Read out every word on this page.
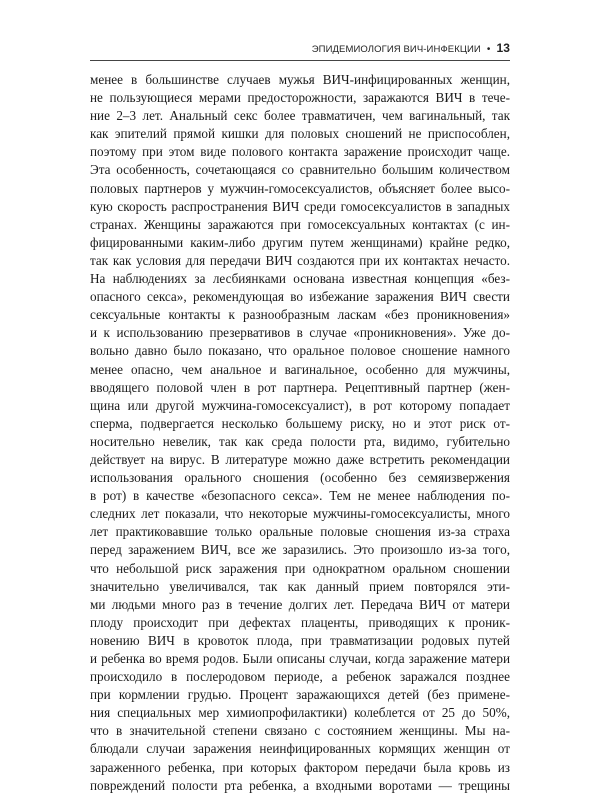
ЭПИДЕМИОЛОГИЯ ВИЧ-ИНФЕКЦИИ • 13
менее в большинстве случаев мужья ВИЧ-инфицированных женщин,
не пользующиеся мерами предосторожности, заражаются ВИЧ в тече-
ние 2–3 лет. Анальный секс более травматичен, чем вагинальный, так
как эпителий прямой кишки для половых сношений не приспособлен,
поэтому при этом виде полового контакта заражение происходит чаще.
Эта особенность, сочетающаяся со сравнительно большим количеством
половых партнеров у мужчин-гомосексуалистов, объясняет более высо-
кую скорость распространения ВИЧ среди гомосексуалистов в западных
странах. Женщины заражаются при гомосексуальных контактах (с ин-
фицированными каким-либо другим путем женщинами) крайне редко,
так как условия для передачи ВИЧ создаются при их контактах нечасто.
На наблюдениях за лесбиянками основана известная концепция «без-
опасного секса», рекомендующая во избежание заражения ВИЧ свести
сексуальные контакты к разнообразным ласкам «без проникновения»
и к использованию презервативов в случае «проникновения». Уже до-
вольно давно было показано, что оральное половое сношение намного
менее опасно, чем анальное и вагинальное, особенно для мужчины,
вводящего половой член в рот партнера. Рецептивный партнер (жен-
щина или другой мужчина-гомосексуалист), в рот которому попадает
сперма, подвергается несколько большему риску, но и этот риск от-
носительно невелик, так как среда полости рта, видимо, губительно
действует на вирус. В литературе можно даже встретить рекомендации
использования орального сношения (особенно без семяизвержения
в рот) в качестве «безопасного секса». Тем не менее наблюдения по-
следних лет показали, что некоторые мужчины-гомосексуалисты, много
лет практиковавшие только оральные половые сношения из-за страха
перед заражением ВИЧ, все же заразились. Это произошло из-за того,
что небольшой риск заражения при однократном оральном сношении
значительно увеличивался, так как данный прием повторялся эти-
ми людьми много раз в течение долгих лет. Передача ВИЧ от матери
плоду происходит при дефектах плаценты, приводящих к проник-
новению ВИЧ в кровоток плода, при травматизации родовых путей
и ребенка во время родов. Были описаны случаи, когда заражение матери
происходило в послеродовом периоде, а ребенок заражался позднее
при кормлении грудью. Процент заражающихся детей (без примене-
ния специальных мер химиопрофилактики) колеблется от 25 до 50%,
что в значительной степени связано с состоянием женщины. Мы на-
блюдали случаи заражения неинфицированных кормящих женщин от
зараженного ребенка, при которых фактором передачи была кровь из
повреждений полости рта ребенка, а входными воротами — трещины
